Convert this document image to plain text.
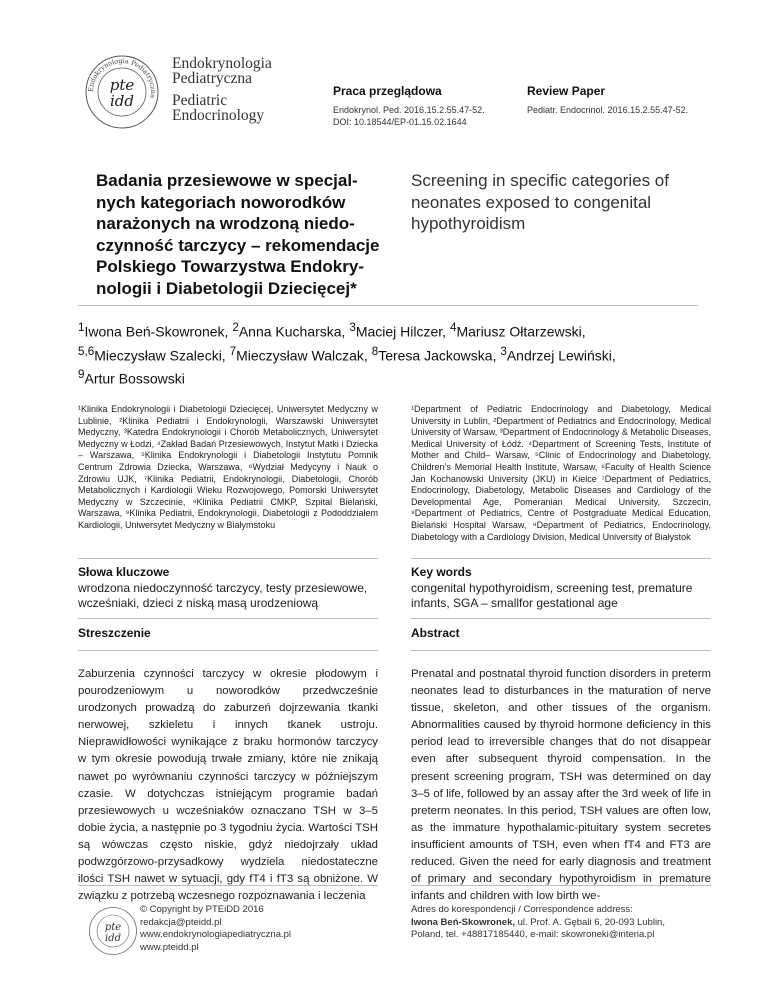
Endokrynologia Pediatryczna
pte
idd
Endokrynologia
Pediatryczna
Pediatric
Endocrinology
Praca przeglądowa
Endokrynol. Ped. 2016.15.2.55.47-52.
DOI: 10.18544/EP-01.15.02.1644
Review Paper
Pediatr. Endocrinol. 2016.15.2.55.47-52.
Badania przesiewowe w specjal-
nych kategoriach noworodków
narażonych na wrodzoną niedo-
czynność tarczycy – rekomendacje
Polskiego Towarzystwa Endokry-
nologii i Diabetologii Dziecięcej*
Screening in specific categories of
neonates exposed to congenital
hypothyroidism
$^1$Iwona Beń-Skowronek, $^2$Anna Kucharska, $^3$Maciej Hilczer, $^4$Mariusz Ołtarzewski,
$^{5,6}$Mieczysław Szalecki, $^7$Mieczysław Walczak, $^8$Teresa Jackowska, $^3$Andrzej Lewiński,
$^9$Artur Bossowski
¹Klinika Endokrynologii i Diabetologii Dziecięcej, Uniwersytet Medyczny w Lublinie, ²Klinika Pediatrii i Endokrynologii, Warszawski Uniwersytet Medyczny, ³Katedra Endokrynologii i Chorób Metabolicznych, Uniwersytet Medyczny w Łodzi, ⁴Zakład Badań Przesiewowych, Instytut Matki i Dziecka – Warszawa, ⁵Klinika Endokrynologii i Diabetologii Instytutu Pomnik Centrum Zdrowia Dziecka, Warszawa, ⁶Wydział Medycyny i Nauk o Zdrowiu UJK, ⁷Klinika Pediatrii, Endokrynologii, Diabetologii, Chorób Metabolicznych i Kardiologii Wieku Rozwojowego, Pomorski Uniwersytet Medyczny w Szczecinie, ⁸Klinika Pediatrii CMKP, Szpital Bielański, Warszawa, ⁹Klinika Pediatrii, Endokrynologii, Diabetologii z Pododdziałem Kardiologii, Uniwersytet Medyczny w Białymstoku
¹Department of Pediatric Endocrinology and Diabetology, Medical University in Lublin, ²Department of Pediatrics and Endocrinology, Medical University of Warsaw, ³Department of Endocrinology & Metabolic Diseases, Medical University of Łódź. ⁴Department of Screening Tests, Institute of Mother and Child– Warsaw, ⁵Clinic of Endocrinology and Diabetology, Children’s Memorial Health Institute, Warsaw, ⁶Faculty of Health Science Jan Kochanowski University (JKU) in Kielce ⁷Department of Pediatrics, Endocrinology, Diabetology, Metabolic Diseases and Cardiology of the Developmental Age, Pomeranian Medical University, Szczecin, ⁸Department of Pediatrics, Centre of Postgraduate Medical Education, Bielański Hospital Warsaw, ⁹Department of Pediatrics, Endocrinology, Diabetology with a Cardiology Division, Medical University of Białystok
Słowa kluczowe
wrodzona niedoczynność tarczycy, testy przesiewowe, wcześniaki, dzieci z niską masą urodzeniową
Key words
congenital hypothyroidism, screening test, premature infants, SGA – smallfor gestational age
Streszczenie	Abstract
Zaburzenia czynności tarczycy w okresie płodowym i pourodzeniowym u noworodków przedwcześnie urodzonych prowadzą do zaburzeń dojrzewania tkanki nerwowej, szkieletu i innych tkanek ustroju. Nieprawidłowości wynikające z braku hormonów tarczycy w tym okresie powodują trwałe zmiany, które nie znikają nawet po wyrównaniu czynności tarczycy w późniejszym czasie. W dotychczas istniejącym programie badań przesiewowych u wcześniaków oznaczano TSH w 3–5 dobie życia, a następnie po 3 tygodniu życia. Wartości TSH są wówczas często niskie, gdyż niedojrzały układ podwzgórzowo-przysadkowy wydziela niedostateczne ilości TSH nawet w sytuacji, gdy fT4 i fT3 są obniżone. W związku z potrzebą wczesnego rozpoznawania i leczenia
Prenatal and postnatal thyroid function disorders in preterm neonates lead to disturbances in the maturation of nerve tissue, skeleton, and other tissues of the organism. Abnormalities caused by thyroid hormone deficiency in this period lead to irreversible changes that do not disappear even after subsequent thyroid compensation. In the present screening program, TSH was determined on day 3–5 of life, followed by an assay after the 3rd week of life in preterm neonates. In this period, TSH values are often low, as the immature hypothalamic-pituitary system secretes insufficient amounts of TSH, even when fT4 and FT3 are reduced. Given the need for early diagnosis and treatment of primary and secondary hypothyroidism in premature infants and children with low birth we-
pte
idd
© Copyright by PTEiDD 2016
redakcja@pteidd.pl
www.endokrynologiapediatryczna.pl
www.pteidd.pl
Adres do korespondencji / Correspondence address:
Iwona Beń-Skowronek, ul. Prof. A. Gębali 6, 20-093 Lublin,
Poland, tel. +48817185440, e-mail: skowroneki@interia.pl
